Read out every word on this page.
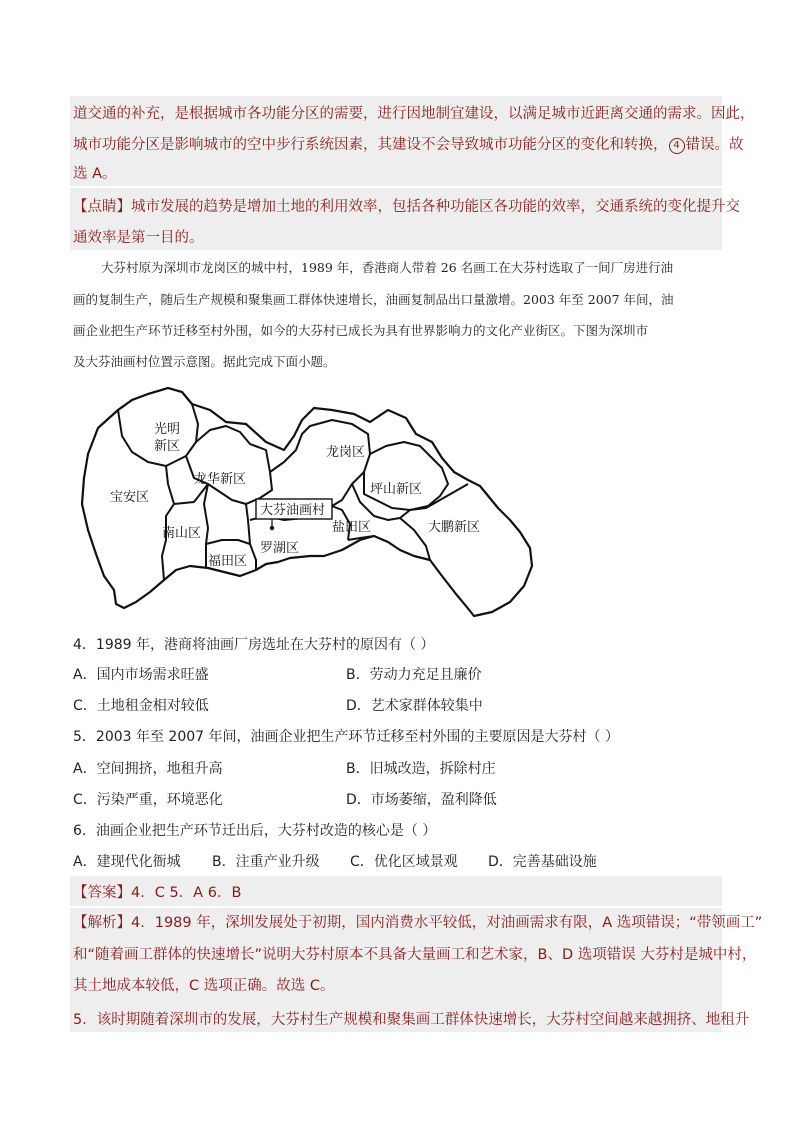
道交通的补充，是根据城市各功能分区的需要，进行因地制宜建设，以满足城市近距离交通的需求。因此，
城市功能分区是影响城市的空中步行系统因素，其建设不会导致城市功能分区的变化和转换， 4 错误。故
选 A。
【点睛】城市发展的趋势是增加土地的利用效率，包括各种功能区各功能的效率，交通系统的变化提升交
通效率是第一目的。
大芬村原为深圳市龙岗区的城中村，1989 年，香港商人带着 26 名画工在大芬村选取了一间厂房进行油
画的复制生产，随后生产规模和聚集画工群体快速增长，油画复制品出口量激增。2003 年至 2007 年间，油
画企业把生产环节迁移至村外围，如今的大芬村已成长为具有世界影响力的文化产业街区。下图为深圳市
及大芬油画村位置示意图。据此完成下面小题。
光明
新区
宝安区
龙华新区
龙岗区
坪山新区
南山区	盐田区	大鹏新区
罗湖区
福田区
大芬油画村
4．1989 年，港商将油画厂房选址在大芬村的原因有（ ）
A．国内市场需求旺盛	B．劳动力充足且廉价
C．土地租金相对较低	D．艺术家群体较集中
5．2003 年至 2007 年间，油画企业把生产环节迁移至村外围的主要原因是大芬村（ ）
A．空间拥挤，地租升高	B．旧城改造，拆除村庄
C．污染严重，环境恶化	D．市场萎缩，盈利降低
6．油画企业把生产环节迁出后，大芬村改造的核心是（ ）
A．建现代化衙城 B．注重产业升级 C．优化区域景观 D．完善基础设施
【答案】4．C 5．A 6．B
【解析】4．1989 年，深圳发展处于初期，国内消费水平较低，对油画需求有限，A 选项错误；“带领画工”
和“随着画工群体的快速增长”说明大芬村原本不具备大量画工和艺术家，B、D 选项错误 大芬村是城中村，
其土地成本较低，C 选项正确。故选 C。
5．该时期随着深圳市的发展，大芬村生产规模和聚集画工群体快速增长，大芬村空间越来越拥挤、地租升
